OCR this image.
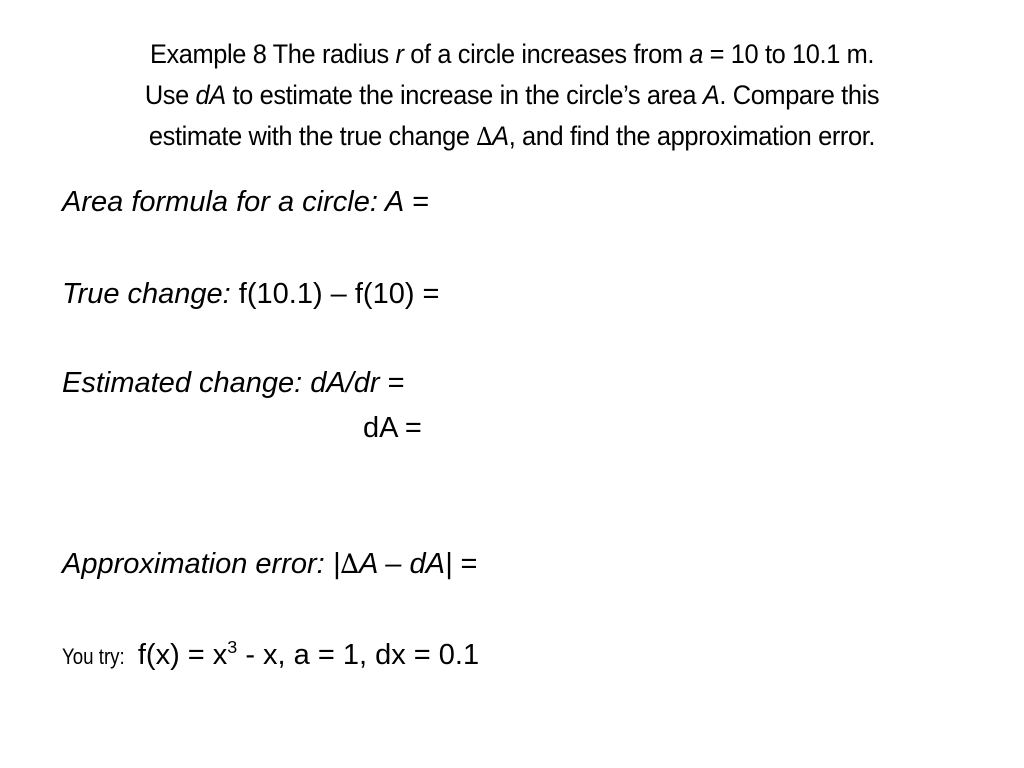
Example 8 The radius r of a circle increases from a = 10 to 10.1 m.
Use dA to estimate the increase in the circle’s area A. Compare this
estimate with the true change ∆A, and find the approximation error.
Area formula for a circle: A =
True change: f(10.1) – f(10) =
Estimated change: dA/dr =
dA =
Approximation error: |∆A – dA| =
You try: $f(x) = x^3 - x$, a = 1, dx = 0.1
